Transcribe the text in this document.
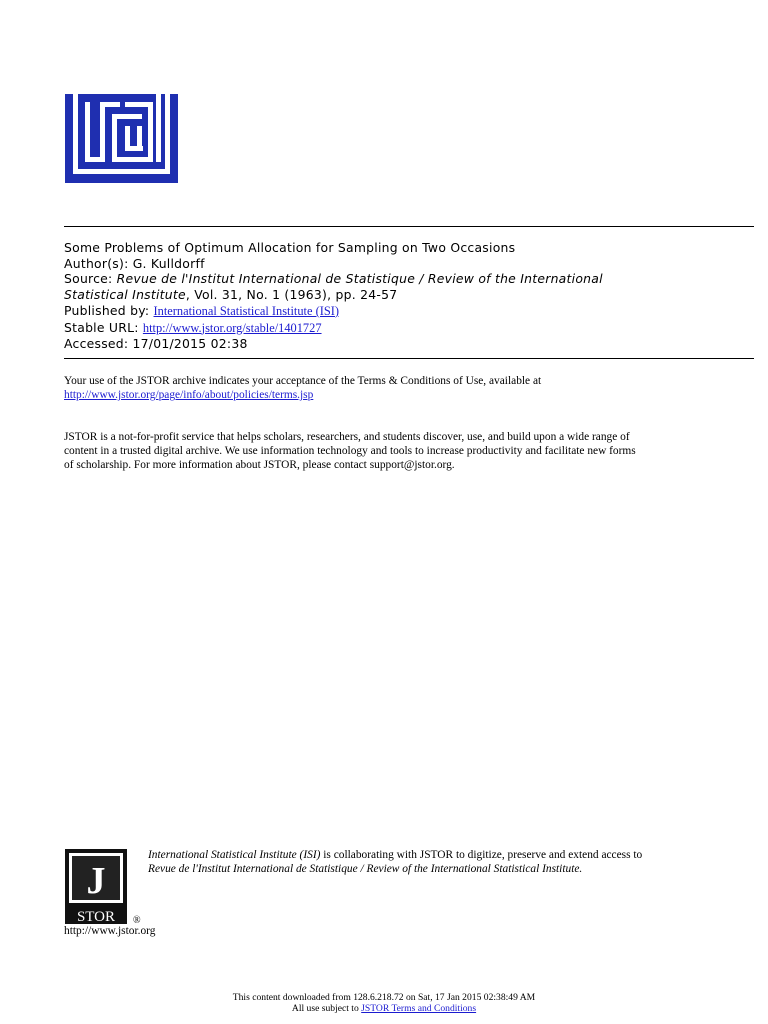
Some Problems of Optimum Allocation for Sampling on Two Occasions
Author(s): G. Kulldorff
Source: Revue de l'Institut International de Statistique / Review of the International
Statistical Institute, Vol. 31, No. 1 (1963), pp. 24-57
Published by: International Statistical Institute (ISI)
Stable URL: http://www.jstor.org/stable/1401727
Accessed: 17/01/2015 02:38
Your use of the JSTOR archive indicates your acceptance of the Terms & Conditions of Use, available at
http://www.jstor.org/page/info/about/policies/terms.jsp
JSTOR is a not-for-profit service that helps scholars, researchers, and students discover, use, and build upon a wide range of
content in a trusted digital archive. We use information technology and tools to increase productivity and facilitate new forms
of scholarship. For more information about JSTOR, please contact support@jstor.org.
J
STOR ®
International Statistical Institute (ISI) is collaborating with JSTOR to digitize, preserve and extend access to
Revue de l'Institut International de Statistique / Review of the International Statistical Institute.
http://www.jstor.org
This content downloaded from 128.6.218.72 on Sat, 17 Jan 2015 02:38:49 AM
All use subject to JSTOR Terms and Conditions
